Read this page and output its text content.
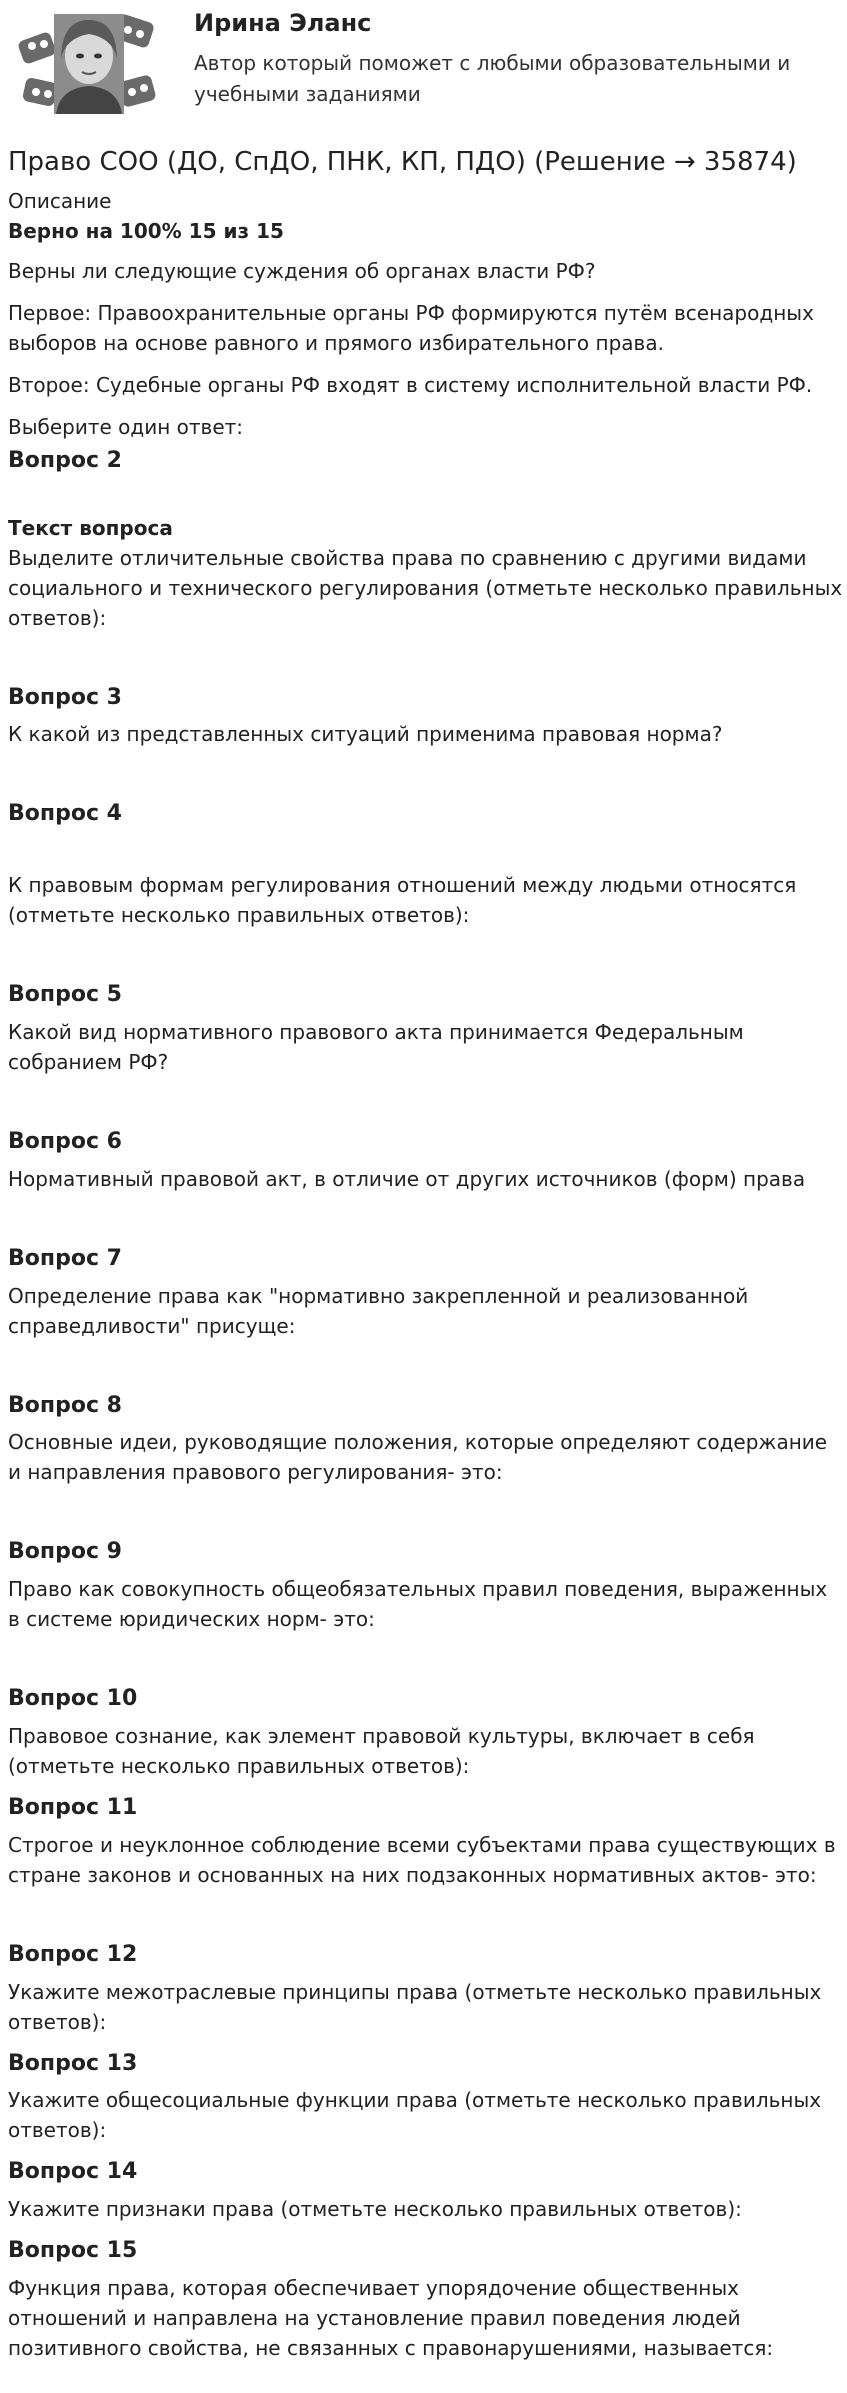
Ирина Эланс
Автор который поможет с любыми образовательными и учебными заданиями
Право СОО (ДО, СпДО, ПНК, КП, ПДО) (Решение → 35874)
Описание

Верно на 100% 15 из 15

Верны ли следующие суждения об органах власти РФ?

Первое: Правоохранительные органы РФ формируются путём всенародных выборов на основе равного и прямого избирательного права.

Второе: Судебные органы РФ входят в систему исполнительной власти РФ.

Выберите один ответ:

Вопрос 2
Текст вопроса

Выделите отличительные свойства права по сравнению с другими видами социального и технического регулирования (отметьте несколько правильных ответов):

Вопрос 3

К какой из представленных ситуаций применима правовая норма?

Вопрос 4

К правовым формам регулирования отношений между людьми относятся (отметьте несколько правильных ответов):

Вопрос 5

Какой вид нормативного правового акта принимается Федеральным собранием РФ?

Вопрос 6

Нормативный правовой акт, в отличие от других источников (форм) права

Вопрос 7

Определение права как "нормативно закрепленной и реализованной справедливости" присуще:

Вопрос 8

Основные идеи, руководящие положения, которые определяют содержание и направления правового регулирования- это:

Вопрос 9

Право как совокупность общеобязательных правил поведения, выраженных в системе юридических норм- это:

Вопрос 10

Правовое сознание, как элемент правовой культуры, включает в себя (отметьте несколько правильных ответов):

Вопрос 11

Строгое и неуклонное соблюдение всеми субъектами права существующих в стране законов и основанных на них подзаконных нормативных актов- это:

Вопрос 12

Укажите межотраслевые принципы права (отметьте несколько правильных ответов):

Вопрос 13

Укажите общесоциальные функции права (отметьте несколько правильных ответов):

Вопрос 14

Укажите признаки права (отметьте несколько правильных ответов):

Вопрос 15

Функция права, которая обеспечивает упорядочение общественных отношений и направлена на установление правил поведения людей позитивного свойства, не связанных с правонарушениями, называется:
